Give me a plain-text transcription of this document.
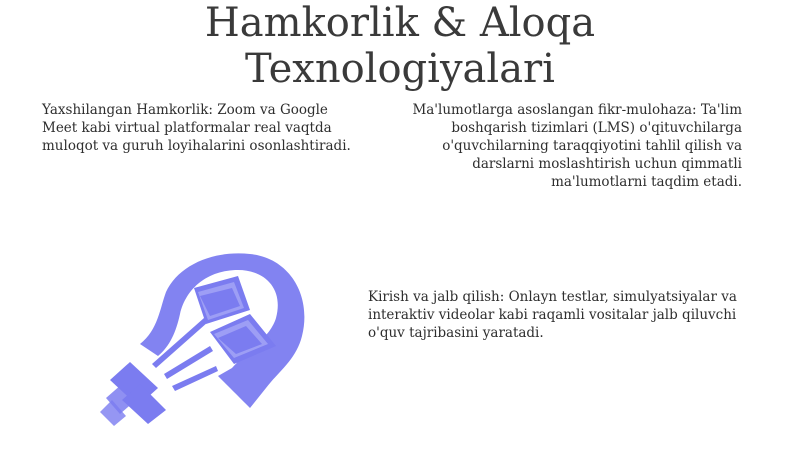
Hamkorlik & Aloqa
Texnologiyalari

Yaxshilangan Hamkorlik: Zoom va Google Meet kabi virtual platformalar real vaqtda muloqot va guruh loyihalarini osonlashtiradi.

Ma'lumotlarga asoslangan fikr-mulohaza: Ta'lim boshqarish tizimlari (LMS) o'qituvchilarga o'quvchilarning taraqqiyotini tahlil qilish va darslarni moslashtirish uchun qimmatli ma'lumotlarni taqdim etadi.

Kirish va jalb qilish: Onlayn testlar, simulyatsiyalar va interaktiv videolar kabi raqamli vositalar jalb qiluvchi o'quv tajribasini yaratadi.
